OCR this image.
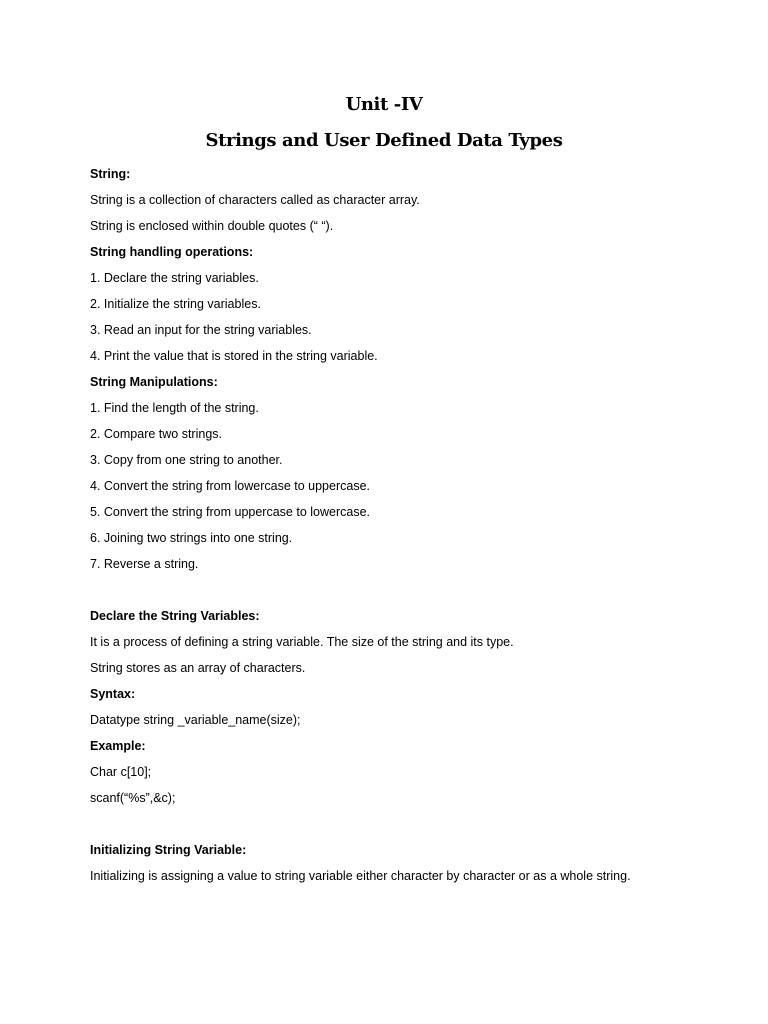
Unit -IV
Strings and User Defined Data Types

String:

String is a collection of characters called as character array.

String is enclosed within double quotes (“ “).

String handling operations:

1. Declare the string variables.

2. Initialize the string variables.

3. Read an input for the string variables.

4. Print the value that is stored in the string variable.

String Manipulations:

1. Find the length of the string.

2. Compare two strings.

3. Copy from one string to another.

4. Convert the string from lowercase to uppercase.

5. Convert the string from uppercase to lowercase.

6. Joining two strings into one string.

7. Reverse a string.

Declare the String Variables:

It is a process of defining a string variable. The size of the string and its type.

String stores as an array of characters.

Syntax:

Datatype string _variable_name(size);

Example:

Char c[10];

scanf(“%s”,&c);

Initializing String Variable:

Initializing is assigning a value to string variable either character by character or as a whole string.
